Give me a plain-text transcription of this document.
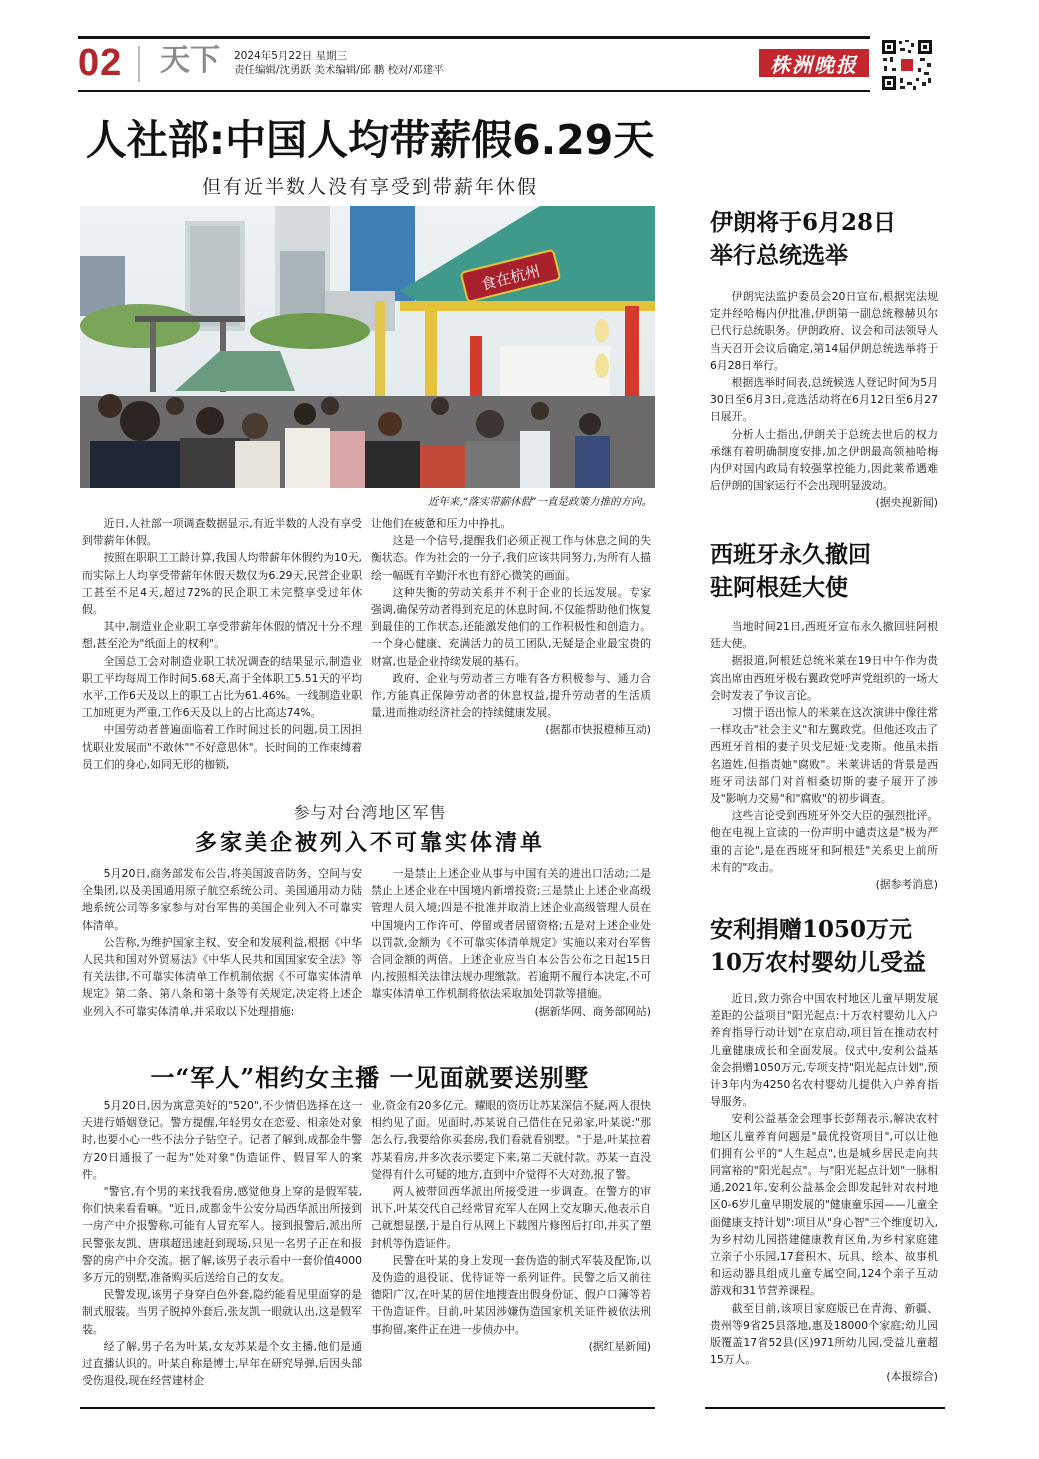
02 天下 2024年5月22日 星期三
责任编辑/沈勇跃 美术编辑/邱 鹏 校对/邓建平	株洲晚报
人社部:中国人均带薪假6.29天
但有近半数人没有享受到带薪年休假
食在杭州
近年来,“落实带薪休假”一直是政策力推的方向。

近日,人社部一项调查数据显示,有近半数的人没有享受到带薪年休假。

按照在职职工工龄计算,我国人均带薪年休假约为10天,而实际上人均享受带薪年休假天数仅为6.29天,民营企业职工甚至不足4天,超过72%的民企职工未完整享受过年休假。

其中,制造业企业职工享受带薪年休假的情况十分不理想,甚至沦为"纸面上的权利"。

全国总工会对制造业职工状况调查的结果显示,制造业职工平均每周工作时间5.68天,高于全体职工5.51天的平均水平,工作6天及以上的职工占比为61.46%。一线制造业职工加班更为严重,工作6天及以上的占比高达74%。

中国劳动者普遍面临着工作时间过长的问题,员工因担忧职业发展而"不敢休""不好意思休"。长时间的工作束缚着员工们的身心,如同无形的枷锁,

让他们在疲惫和压力中挣扎。

这是一个信号,提醒我们必须正视工作与休息之间的失衡状态。作为社会的一分子,我们应该共同努力,为所有人描绘一幅既有辛勤汗水也有舒心微笑的画面。

这种失衡的劳动关系并不利于企业的长远发展。专家强调,确保劳动者得到充足的休息时间,不仅能帮助他们恢复到最佳的工作状态,还能激发他们的工作积极性和创造力。一个身心健康、充满活力的员工团队,无疑是企业最宝贵的财富,也是企业持续发展的基石。

政府、企业与劳动者三方唯有各方积极参与、通力合作,方能真正保障劳动者的休息权益,提升劳动者的生活质量,进而推动经济社会的持续健康发展。

(据都市快报橙柿互动)

参与对台湾地区军售
多家美企被列入不可靠实体清单

5月20日,商务部发布公告,将美国波音防务、空间与安全集团,以及美国通用原子航空系统公司、美国通用动力陆地系统公司等多家参与对台军售的美国企业列入不可靠实体清单。

公告称,为维护国家主权、安全和发展利益,根据《中华人民共和国对外贸易法》《中华人民共和国国家安全法》等有关法律,不可靠实体清单工作机制依据《不可靠实体清单规定》第二条、第八条和第十条等有关规定,决定将上述企业列入不可靠实体清单,并采取以下处理措施:

一是禁止上述企业从事与中国有关的进出口活动;二是禁止上述企业在中国境内新增投资;三是禁止上述企业高级管理人员入境;四是不批准并取消上述企业高级管理人员在中国境内工作许可、停留或者居留资格;五是对上述企业处以罚款,金额为《不可靠实体清单规定》实施以来对台军售合同金额的两倍。上述企业应当自本公告公布之日起15日内,按照相关法律法规办理缴款。若逾期不履行本决定,不可靠实体清单工作机制将依法采取加处罚款等措施。

(据新华网、商务部网站)

一“军人”相约女主播 一见面就要送别墅

5月20日,因为寓意美好的"520",不少情侣选择在这一天进行婚姻登记。警方提醒,年轻男女在恋爱、相亲处对象时,也要小心一些不法分子钻空子。记者了解到,成都金牛警方20日通报了一起为"处对象"伪造证件、假冒军人的案件。

"警官,有个男的来找我看房,感觉他身上穿的是假军装,你们快来看看嘛。"近日,成都金牛公安分局西华派出所接到一房产中介报警称,可能有人冒充军人。接到报警后,派出所民警张友凯、唐琪超迅速赶到现场,只见一名男子正在和报警的房产中介交流。据了解,该男子表示看中一套价值4000多万元的别墅,准备购买后送给自己的女友。

民警发现,该男子身穿白色外套,隐约能看见里面穿的是制式服装。当男子脱掉外套后,张友凯一眼就认出,这是假军装。

经了解,男子名为叶某,女友苏某是个女主播,他们是通过直播认识的。叶某自称是博士,早年在研究导弹,后因头部受伤退役,现在经营建材企

业,资金有20多亿元。耀眼的资历让苏某深信不疑,两人很快相约见了面。见面时,苏某说自己借住在兄弟家,叶某说:"那怎么行,我要给你买套房,我们看就看别墅。"于是,叶某拉着苏某看房,并多次表示要定下来,第二天就付款。苏某一直没觉得有什么可疑的地方,直到中介觉得不大对劲,报了警。

两人被带回西华派出所接受进一步调查。在警方的审讯下,叶某交代自己经常冒充军人在网上交友聊天,他表示自己就想显摆,于是自行从网上下载图片修图后打印,并买了塑封机等伪造证件。

民警在叶某的身上发现一套伪造的制式军装及配饰,以及伪造的退役证、优待证等一系列证件。民警之后又前往德阳广汉,在叶某的居住地搜查出假身份证、假户口簿等若干伪造证件。目前,叶某因涉嫌伪造国家机关证件被依法刑事拘留,案件正在进一步侦办中。

(据红星新闻)

伊朗将于6月28日
举行总统选举

伊朗宪法监护委员会20日宣布,根据宪法规定并经哈梅内伊批准,伊朗第一副总统穆赫贝尔已代行总统职务。伊朗政府、议会和司法领导人当天召开会议后确定,第14届伊朗总统选举将于6月28日举行。

根据选举时间表,总统候选人登记时间为5月30日至6月3日,竞选活动将在6月12日至6月27日展开。

分析人士指出,伊朗关于总统去世后的权力承继有着明确制度安排,加之伊朗最高领袖哈梅内伊对国内政局有较强掌控能力,因此莱希遇难后伊朗的国家运行不会出现明显波动。

(据央视新闻)

西班牙永久撤回
驻阿根廷大使

当地时间21日,西班牙宣布永久撤回驻阿根廷大使。

据报道,阿根廷总统米莱在19日中午作为贵宾出席由西班牙极右翼政党呼声党组织的一场大会时发表了争议言论。

习惯于语出惊人的米莱在这次演讲中像往常一样攻击"社会主义"和左翼政党。但他还攻击了西班牙首相的妻子贝戈尼娅·戈麦斯。他虽未指名道姓,但指责她"腐败"。米莱讲话的背景是西班牙司法部门对首相桑切斯的妻子展开了涉及"影响力交易"和"腐败"的初步调查。

这些言论受到西班牙外交大臣的强烈批评。他在电视上宣读的一份声明中谴责这是"极为严重的言论",是在西班牙和阿根廷"关系史上前所未有的"攻击。

(据参考消息)

安利捐赠1050万元
10万农村婴幼儿受益

近日,致力弥合中国农村地区儿童早期发展差距的公益项目"阳光起点:十万农村婴幼儿入户养育指导行动计划"在京启动,项目旨在推动农村儿童健康成长和全面发展。仪式中,安利公益基金会捐赠1050万元,专项支持"阳光起点计划",预计3年内为4250名农村婴幼儿提供入户养育指导服务。

安利公益基金会理事长彭翔表示,解决农村地区儿童养育问题是"最优投资项目",可以让他们拥有公平的"人生起点",也是城乡居民走向共同富裕的"阳光起点"。与"阳光起点计划"一脉相通,2021年,安利公益基金会即发起针对农村地区0-6岁儿童早期发展的"健康童乐园——儿童全面健康支持计划":项目从"身心智"三个维度切入,为乡村幼儿园搭建健康教育区角,为乡村家庭建立亲子小乐园,17套积木、玩具、绘本、故事机和运动器具组成儿童专属空间,124个亲子互动游戏和31节营养课程。

截至目前,该项目家庭版已在青海、新疆、贵州等9省25县落地,惠及18000个家庭;幼儿园版覆盖17省52县(区)971所幼儿园,受益儿童超15万人。

(本报综合)
